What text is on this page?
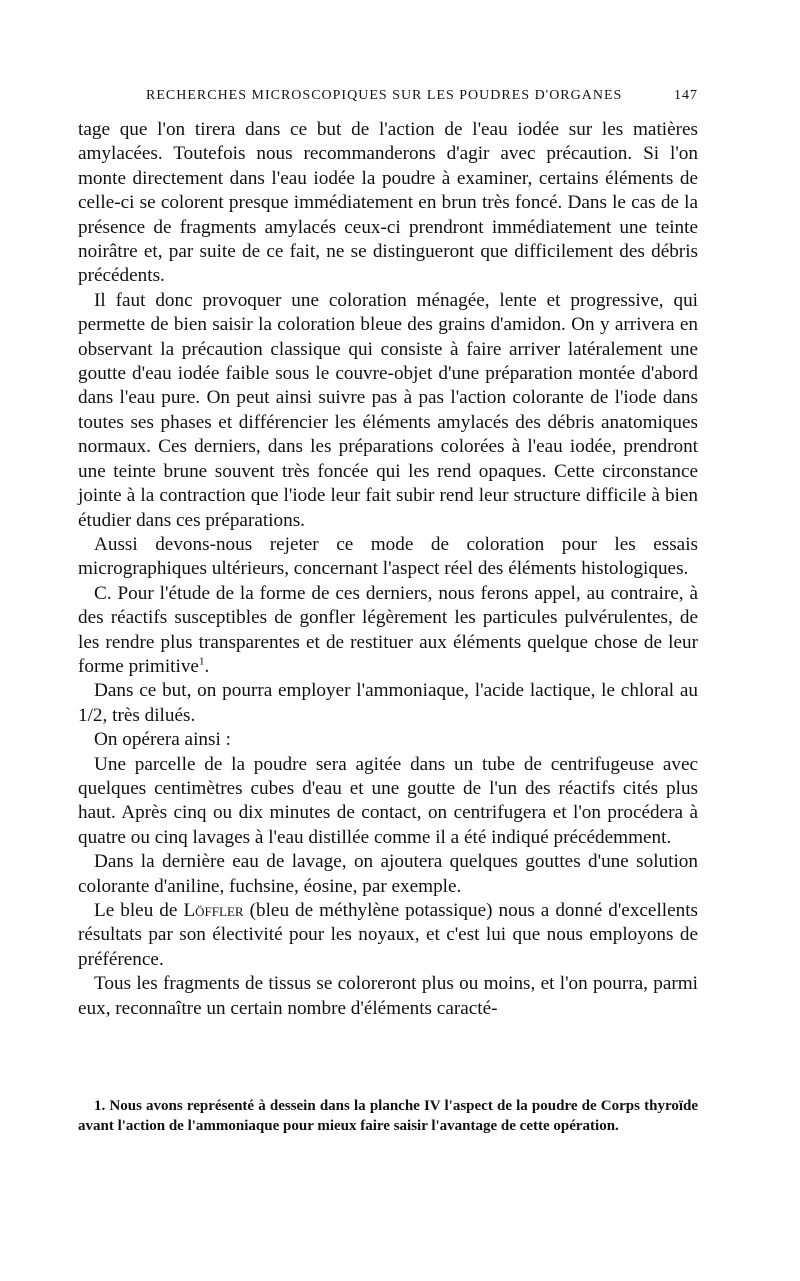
RECHERCHES MICROSCOPIQUES SUR LES POUDRES D'ORGANES	147

tage que l'on tirera dans ce but de l'action de l'eau iodée sur les matières amylacées. Toutefois nous recommanderons d'agir avec précaution. Si l'on monte directement dans l'eau iodée la poudre à examiner, certains éléments de celle-ci se colorent presque immédiatement en brun très foncé. Dans le cas de la présence de fragments amylacés ceux-ci prendront immédiatement une teinte noirâtre et, par suite de ce fait, ne se distingueront que difficilement des débris précédents.

Il faut donc provoquer une coloration ménagée, lente et progressive, qui permette de bien saisir la coloration bleue des grains d'amidon. On y arrivera en observant la précaution classique qui consiste à faire arriver latéralement une goutte d'eau iodée faible sous le couvre-objet d'une préparation montée d'abord dans l'eau pure. On peut ainsi suivre pas à pas l'action colorante de l'iode dans toutes ses phases et différencier les éléments amylacés des débris anatomiques normaux. Ces derniers, dans les préparations colorées à l'eau iodée, prendront une teinte brune souvent très foncée qui les rend opaques. Cette circonstance jointe à la contraction que l'iode leur fait subir rend leur structure difficile à bien étudier dans ces préparations.

Aussi devons-nous rejeter ce mode de coloration pour les essais micrographiques ultérieurs, concernant l'aspect réel des éléments histologiques.

C. Pour l'étude de la forme de ces derniers, nous ferons appel, au contraire, à des réactifs susceptibles de gonfler légèrement les particules pulvérulentes, de les rendre plus transparentes et de restituer aux éléments quelque chose de leur forme primitive$^1$.

Dans ce but, on pourra employer l'ammoniaque, l'acide lactique, le chloral au 1/2, très dilués.

On opérera ainsi :

Une parcelle de la poudre sera agitée dans un tube de centrifugeuse avec quelques centimètres cubes d'eau et une goutte de l'un des réactifs cités plus haut. Après cinq ou dix minutes de contact, on centrifugera et l'on procédera à quatre ou cinq lavages à l'eau distillée comme il a été indiqué précédemment.

Dans la dernière eau de lavage, on ajoutera quelques gouttes d'une solution colorante d'aniline, fuchsine, éosine, par exemple.

Le bleu de Löffler (bleu de méthylène potassique) nous a donné d'excellents résultats par son électivité pour les noyaux, et c'est lui que nous employons de préférence.

Tous les fragments de tissus se coloreront plus ou moins, et l'on pourra, parmi eux, reconnaître un certain nombre d'éléments caracté-

1. Nous avons représenté à dessein dans la planche IV l'aspect de la poudre de Corps thyroïde avant l'action de l'ammoniaque pour mieux faire saisir l'avantage de cette opération.
